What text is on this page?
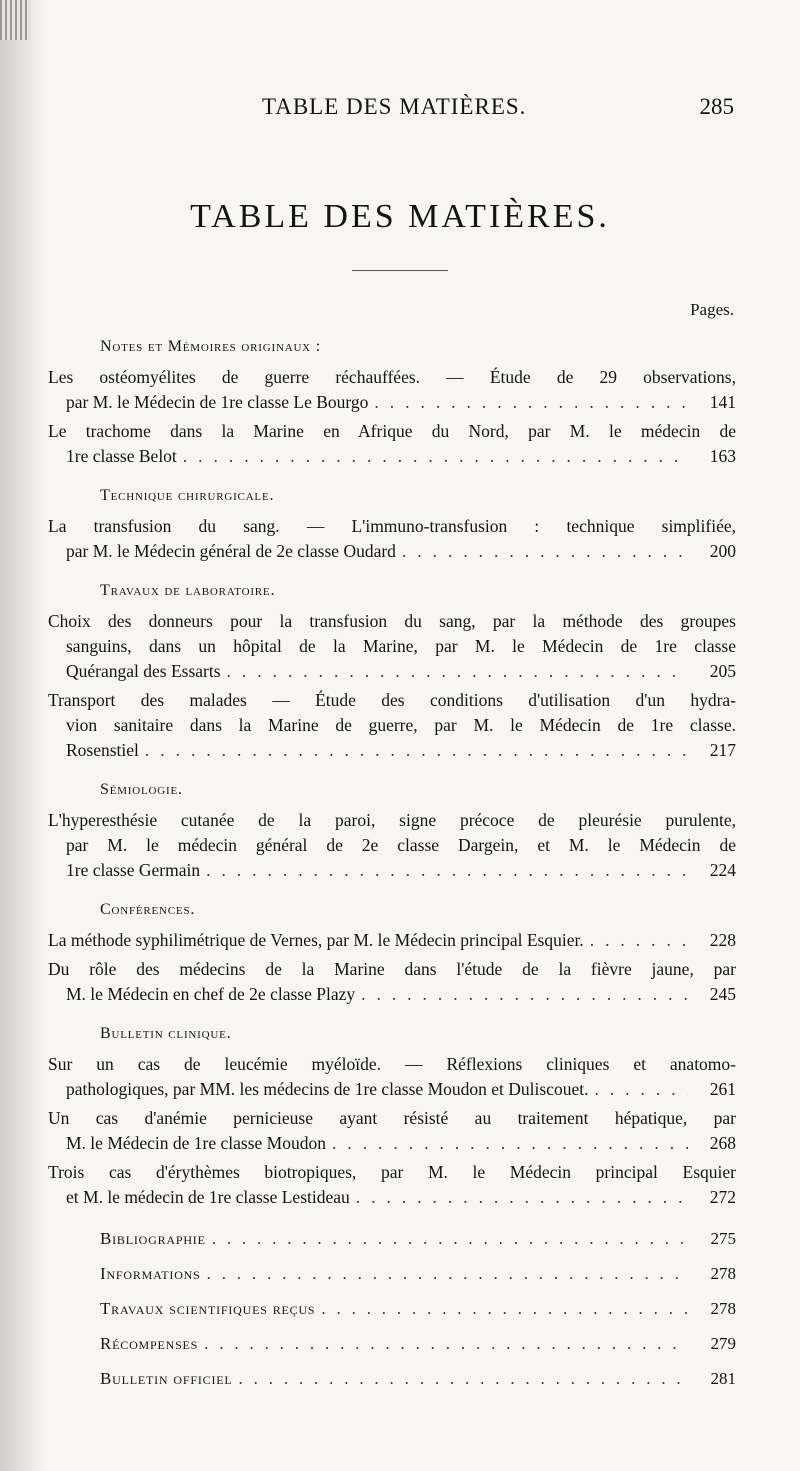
TABLE DES MATIÈRES.	285
TABLE DES MATIÈRES.
Pages.
Notes et Mémoires originaux :
Les ostéomyélites de guerre réchauffées. — Étude de 29 observations,
par M. le Médecin de 1re classe Le Bourgo . . .	141
Le trachome dans la Marine en Afrique du Nord, par M. le médecin de
1re classe Belot . . .	163
Technique chirurgicale.
La transfusion du sang. — L'immuno-transfusion : technique simplifiée,
par M. le Médecin général de 2e classe Oudard . . .	200
Travaux de laboratoire.
Choix des donneurs pour la transfusion du sang, par la méthode des groupes
sanguins, dans un hôpital de la Marine, par M. le Médecin de 1re classe
Quérangal des Essarts . . .	205
Transport des malades — Étude des conditions d'utilisation d'un hydra-
vion sanitaire dans la Marine de guerre, par M. le Médecin de 1re classe.
Rosenstiel . . .	217
Séміologie.
L'hyperesthésie cutanée de la paroi, signe précoce de pleurésie purulente,
par M. le médecin général de 2e classe Dargein, et M. le Médecin de
1re classe Germain . . .	224
Conférences.
La méthode syphilimétrique de Vernes, par M. le Médecin principal Esquier. . . .	228
Du rôle des médecins de la Marine dans l'étude de la fièvre jaune, par
M. le Médecin en chef de 2e classe Plazy . . .	245
Bulletin clinique.
Sur un cas de leucémie myéloïde. — Réflexions cliniques et anatomo-
pathologiques, par MM. les médecins de 1re classe Moudon et Duliscouet. . . .	261
Un cas d'anémie pernicieuse ayant résisté au traitement hépatique, par
M. le Médecin de 1re classe Moudon . . .	268
Trois cas d'érythèmes biotropiques, par M. le Médecin principal Esquier
et M. le médecin de 1re classe Lestideau . . .	272
Bibliographie . . .	275
Informations . . .	278
Travaux scientifiques reçus . . .	278
Récompenses . . .	279
Bulletin officiel . . .	281
